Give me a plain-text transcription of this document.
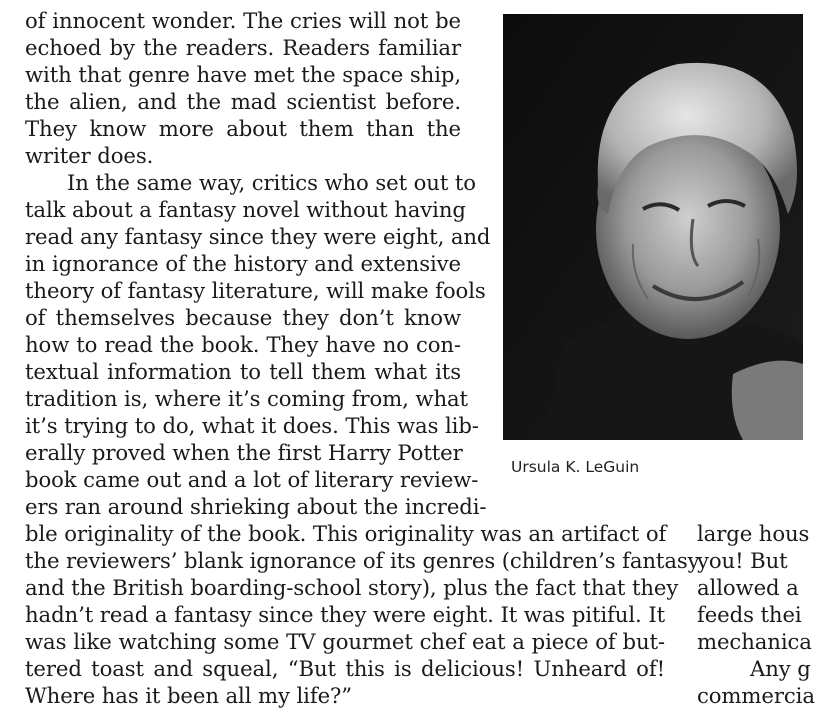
of innocent wonder. The cries will not be
echoed by the readers. Readers familiar
with that genre have met the space ship,
the alien, and the mad scientist before.
They know more about them than the
writer does.
In the same way, critics who set out to
talk about a fantasy novel without having
read any fantasy since they were eight, and
in ignorance of the history and extensive
theory of fantasy literature, will make fools
of themselves because they don’t know
how to read the book. They have no con-
textual information to tell them what its
tradition is, where it’s coming from, what
it’s trying to do, what it does. This was lib-
erally proved when the first Harry Potter
book came out and a lot of literary review-
ers ran around shrieking about the incredi-
ble originality of the book. This originality was an artifact of
the reviewers’ blank ignorance of its genres (children’s fantasy
and the British boarding-school story), plus the fact that they
hadn’t read a fantasy since they were eight. It was pitiful. It
was like watching some TV gourmet chef eat a piece of but-
tered toast and squeal, “But this is delicious! Unheard of!
Where has it been all my life?”
large hous
you! But
allowed a
feeds thei
mechanica
Any g
commercia
Ursula K. LeGuin
